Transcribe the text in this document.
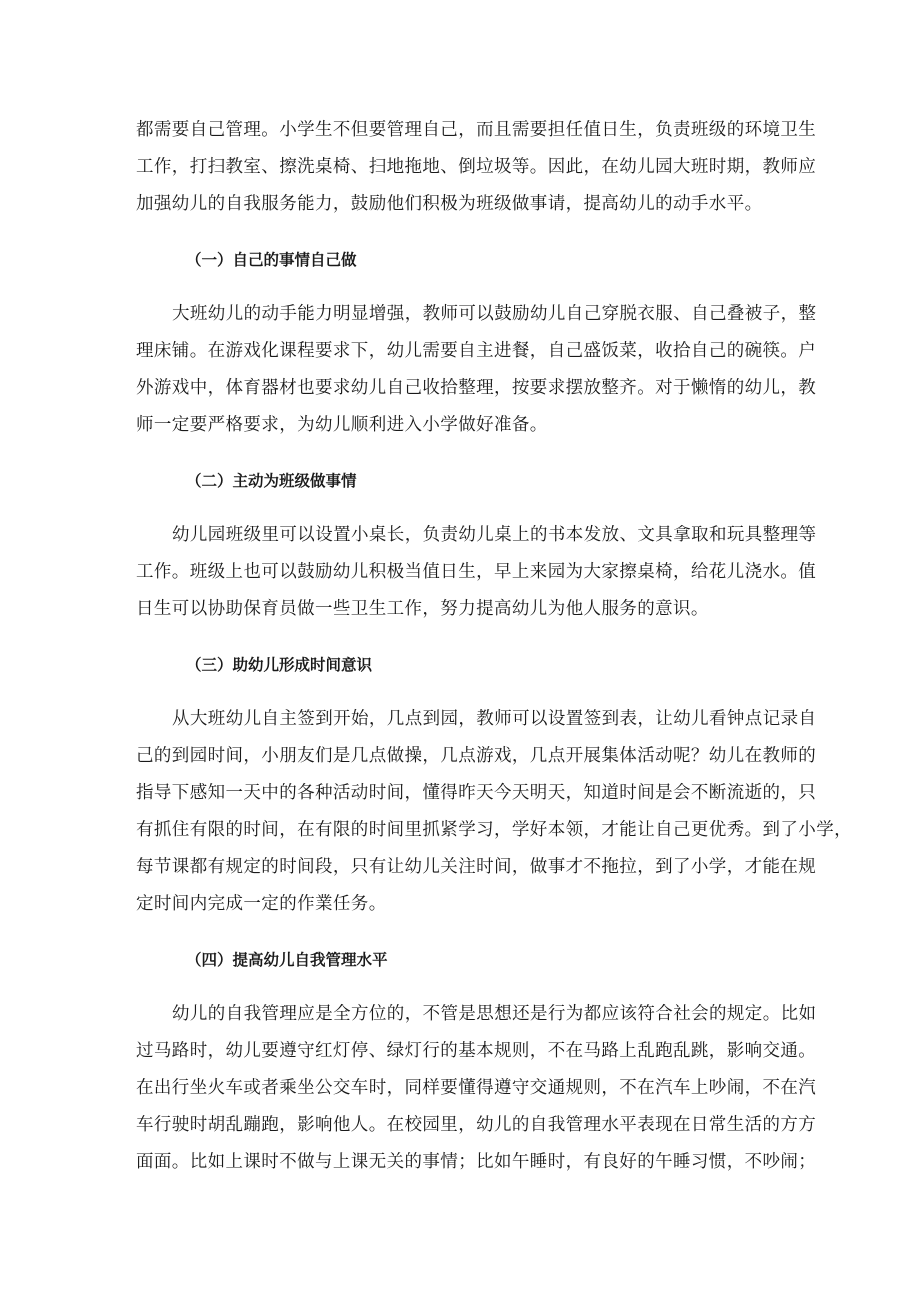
都需要自己管理。小学生不但要管理自己，而且需要担任值日生，负责班级的环境卫生
工作，打扫教室、擦洗桌椅、扫地拖地、倒垃圾等。因此，在幼儿园大班时期，教师应
加强幼儿的自我服务能力，鼓励他们积极为班级做事请，提高幼儿的动手水平。

（一）自己的事情自己做

大班幼儿的动手能力明显增强，教师可以鼓励幼儿自己穿脱衣服、自己叠被子，整
理床铺。在游戏化课程要求下，幼儿需要自主进餐，自己盛饭菜，收拾自己的碗筷。户
外游戏中，体育器材也要求幼儿自己收拾整理，按要求摆放整齐。对于懒惰的幼儿，教
师一定要严格要求，为幼儿顺利进入小学做好准备。

（二）主动为班级做事情

幼儿园班级里可以设置小桌长，负责幼儿桌上的书本发放、文具拿取和玩具整理等
工作。班级上也可以鼓励幼儿积极当值日生，早上来园为大家擦桌椅，给花儿浇水。值
日生可以协助保育员做一些卫生工作，努力提高幼儿为他人服务的意识。

（三）助幼儿形成时间意识

从大班幼儿自主签到开始，几点到园，教师可以设置签到表，让幼儿看钟点记录自
己的到园时间，小朋友们是几点做操，几点游戏，几点开展集体活动呢？幼儿在教师的
指导下感知一天中的各种活动时间，懂得昨天今天明天，知道时间是会不断流逝的，只
有抓住有限的时间，在有限的时间里抓紧学习，学好本领，才能让自己更优秀。到了小学，
每节课都有规定的时间段，只有让幼儿关注时间，做事才不拖拉，到了小学，才能在规
定时间内完成一定的作業任务。

（四）提高幼儿自我管理水平

幼儿的自我管理应是全方位的，不管是思想还是行为都应该符合社会的规定。比如
过马路时，幼儿要遵守红灯停、绿灯行的基本规则，不在马路上乱跑乱跳，影响交通。
在出行坐火车或者乘坐公交车时，同样要懂得遵守交通规则，不在汽车上吵闹，不在汽
车行驶时胡乱蹦跑，影响他人。在校园里，幼儿的自我管理水平表现在日常生活的方方
面面。比如上课时不做与上课无关的事情；比如午睡时，有良好的午睡习惯，不吵闹；
